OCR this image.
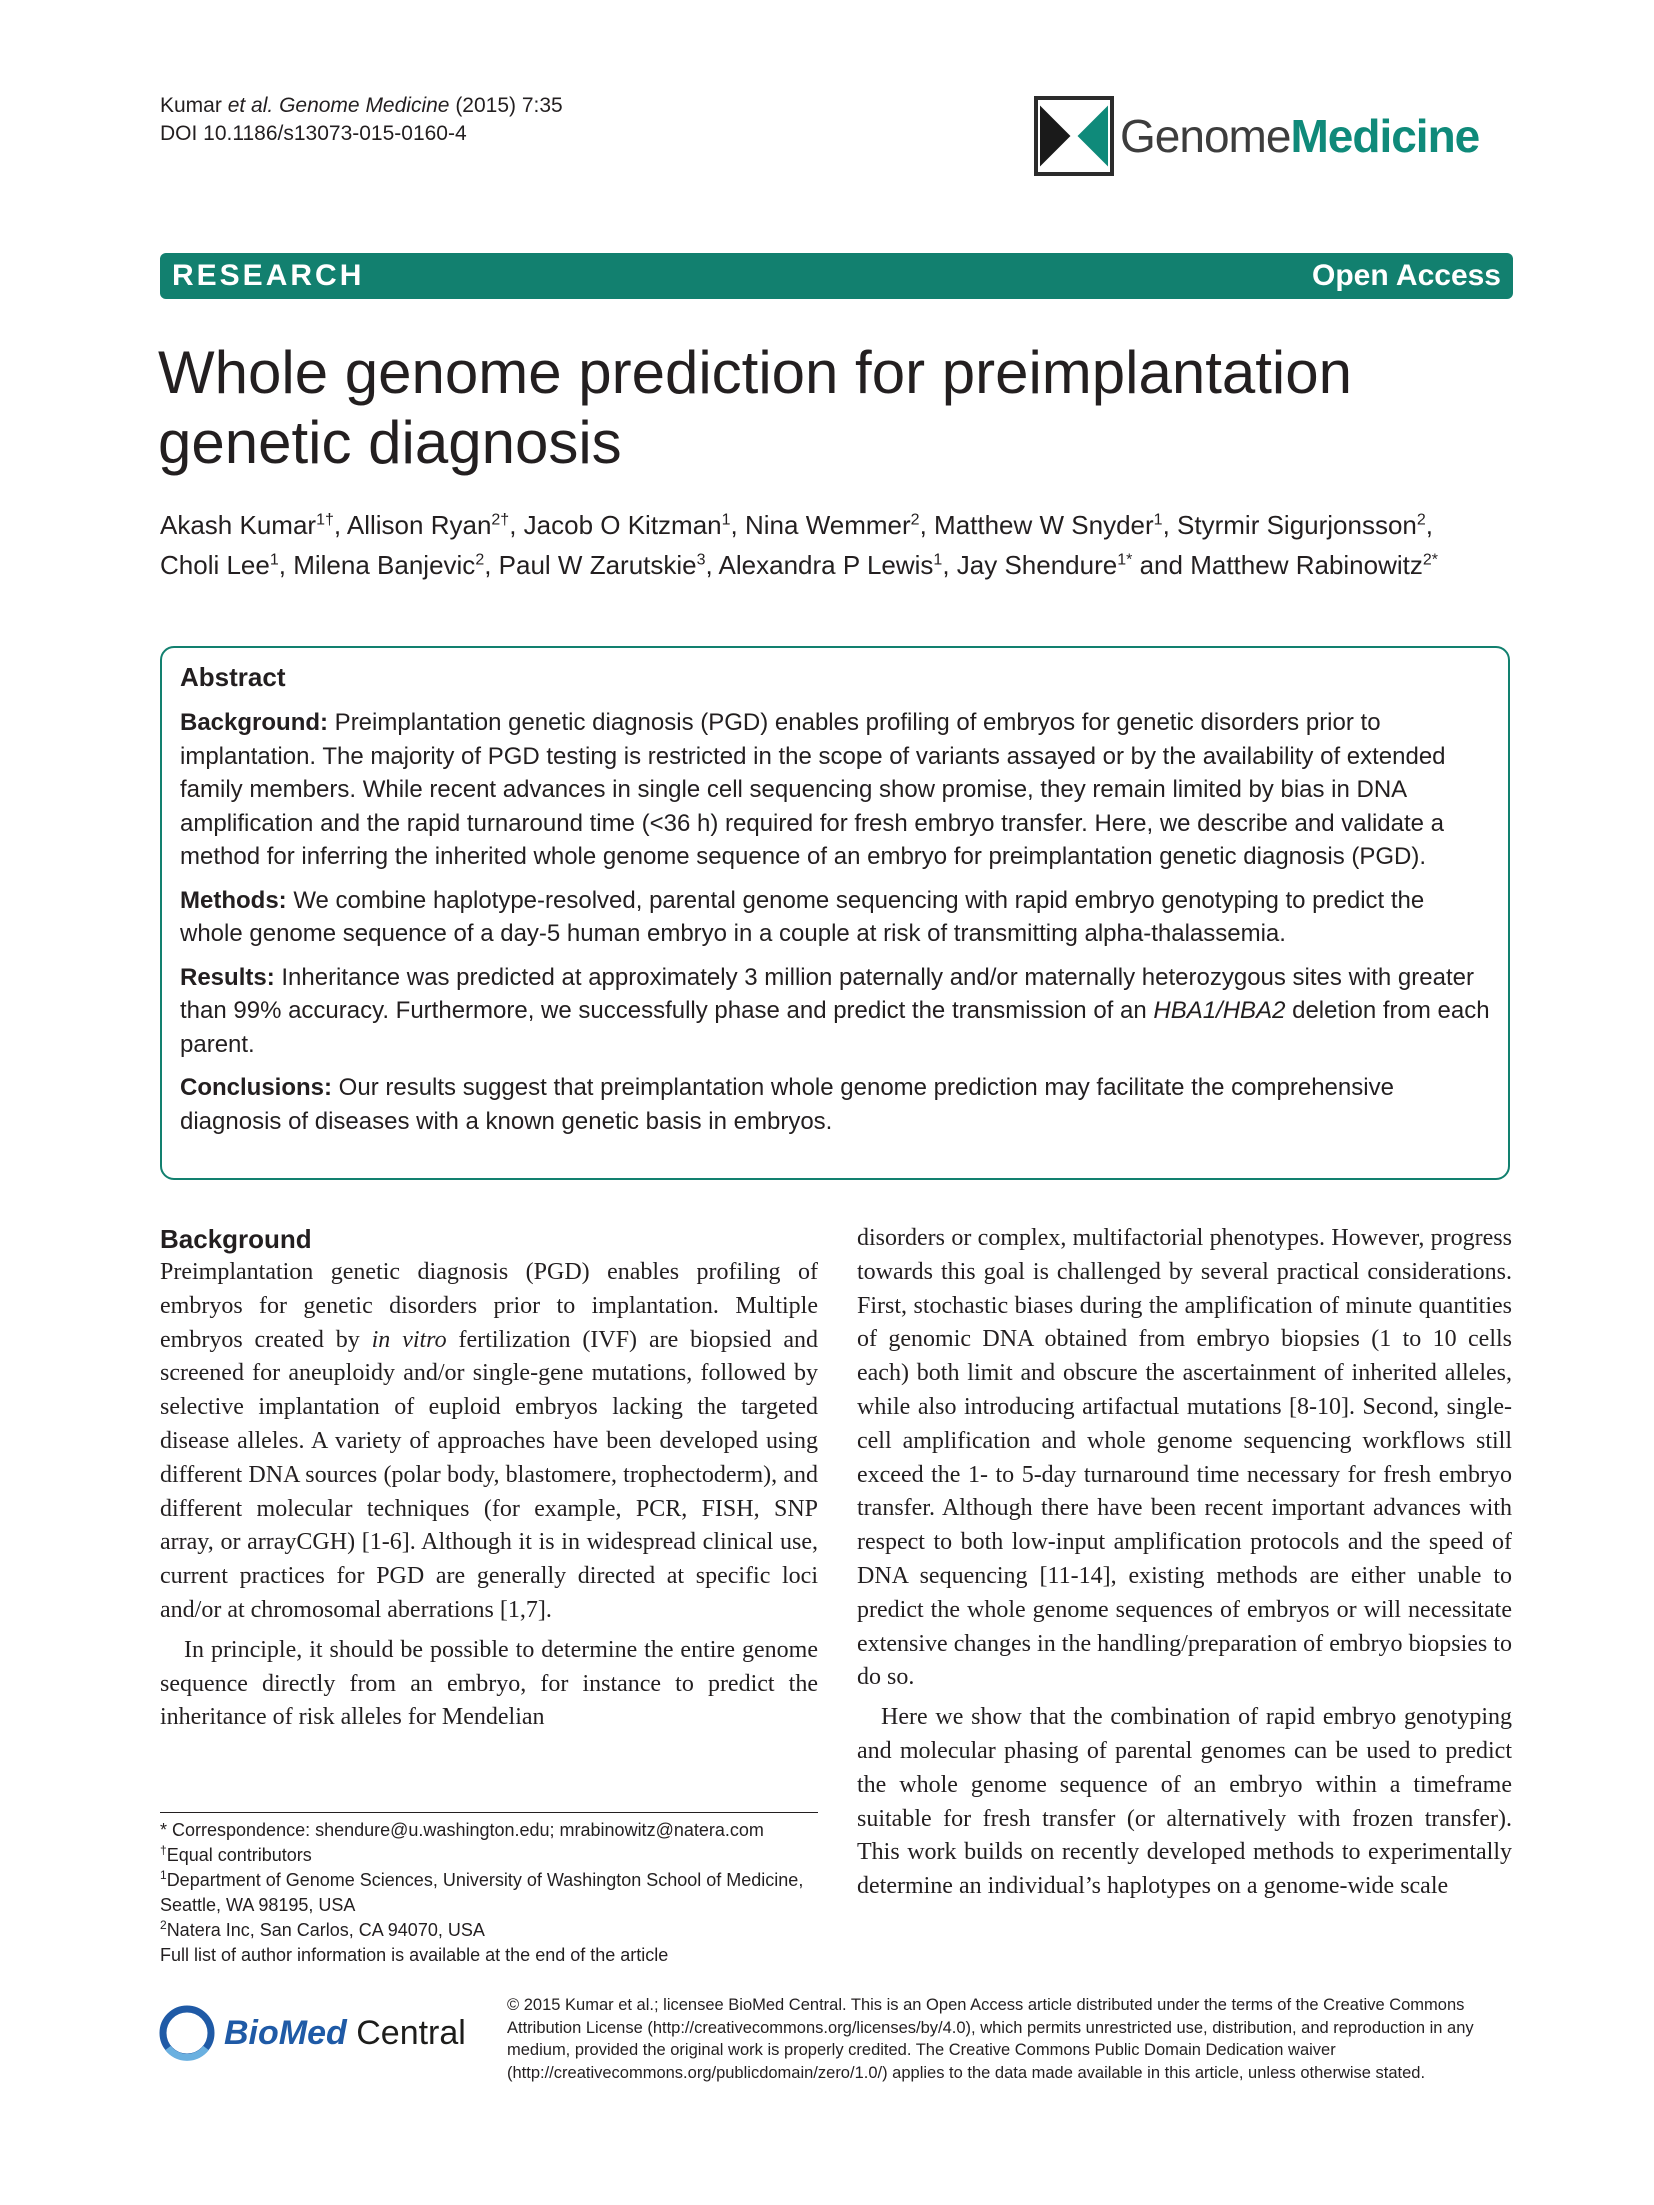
Kumar et al. Genome Medicine (2015) 7:35
DOI 10.1186/s13073-015-0160-4	GenomeMedicine
RESEARCH	Open Access
Whole genome prediction for preimplantation genetic diagnosis
Akash Kumar$^{1\dagger}$, Allison Ryan$^{2\dagger}$, Jacob O Kitzman$^1$, Nina Wemmer$^2$, Matthew W Snyder$^1$, Styrmir Sigurjonsson$^2$,
Choli Lee$^1$, Milena Banjevic$^2$, Paul W Zarutskie$^3$, Alexandra P Lewis$^1$, Jay Shendure$^{1*}$ and Matthew Rabinowitz$^{2*}$
Abstract

Background: Preimplantation genetic diagnosis (PGD) enables profiling of embryos for genetic disorders prior to implantation. The majority of PGD testing is restricted in the scope of variants assayed or by the availability of extended family members. While recent advances in single cell sequencing show promise, they remain limited by bias in DNA amplification and the rapid turnaround time (<36 h) required for fresh embryo transfer. Here, we describe and validate a method for inferring the inherited whole genome sequence of an embryo for preimplantation genetic diagnosis (PGD).

Methods: We combine haplotype-resolved, parental genome sequencing with rapid embryo genotyping to predict the whole genome sequence of a day-5 human embryo in a couple at risk of transmitting alpha-thalassemia.

Results: Inheritance was predicted at approximately 3 million paternally and/or maternally heterozygous sites with greater than 99% accuracy. Furthermore, we successfully phase and predict the transmission of an HBA1/HBA2 deletion from each parent.

Conclusions: Our results suggest that preimplantation whole genome prediction may facilitate the comprehensive diagnosis of diseases with a known genetic basis in embryos.

Background

Preimplantation genetic diagnosis (PGD) enables profiling of embryos for genetic disorders prior to implantation. Multiple embryos created by in vitro fertilization (IVF) are biopsied and screened for aneuploidy and/or single-gene mutations, followed by selective implantation of euploid embryos lacking the targeted disease alleles. A variety of approaches have been developed using different DNA sources (polar body, blastomere, trophectoderm), and different molecular techniques (for example, PCR, FISH, SNP array, or arrayCGH) [1-6]. Although it is in widespread clinical use, current practices for PGD are generally directed at specific loci and/or at chromosomal aberrations [1,7].

In principle, it should be possible to determine the entire genome sequence directly from an embryo, for instance to predict the inheritance of risk alleles for Mendelian

disorders or complex, multifactorial phenotypes. However, progress towards this goal is challenged by several practical considerations. First, stochastic biases during the amplification of minute quantities of genomic DNA obtained from embryo biopsies (1 to 10 cells each) both limit and obscure the ascertainment of inherited alleles, while also introducing artifactual mutations [8-10]. Second, single-cell amplification and whole genome sequencing workflows still exceed the 1- to 5-day turnaround time necessary for fresh embryo transfer. Although there have been recent important advances with respect to both low-input amplification protocols and the speed of DNA sequencing [11-14], existing methods are either unable to predict the whole genome sequences of embryos or will necessitate extensive changes in the handling/preparation of embryo biopsies to do so.

Here we show that the combination of rapid embryo genotyping and molecular phasing of parental genomes can be used to predict the whole genome sequence of an embryo within a timeframe suitable for fresh transfer (or alternatively with frozen transfer). This work builds on recently developed methods to experimentally determine an individual’s haplotypes on a genome-wide scale

* Correspondence: shendure@u.washington.edu; mrabinowitz@natera.com

†Equal contributors

$^1$Department of Genome Sciences, University of Washington School of Medicine, Seattle, WA 98195, USA

$^2$Natera Inc, San Carlos, CA 94070, USA

Full list of author information is available at the end of the article

BioMed Central
© 2015 Kumar et al.; licensee BioMed Central. This is an Open Access article distributed under the terms of the Creative Commons Attribution License (http://creativecommons.org/licenses/by/4.0), which permits unrestricted use, distribution, and reproduction in any medium, provided the original work is properly credited. The Creative Commons Public Domain Dedication waiver (http://creativecommons.org/publicdomain/zero/1.0/) applies to the data made available in this article, unless otherwise stated.
